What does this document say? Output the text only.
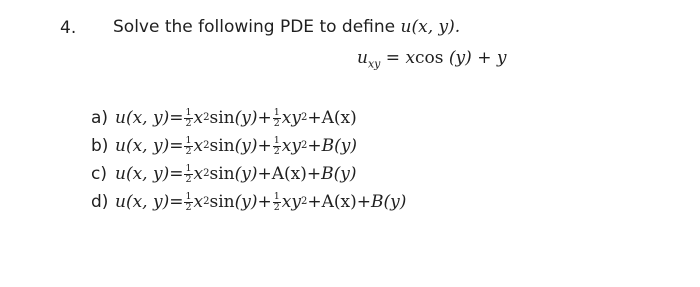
4. Solve the following PDE to define u(x, y).
$u_{xy} = xcos$ (y) + y
a) u(x, $y) = \frac{1}{2}$ x 2 $\sin (y) + \frac{1}{2}$ xy 2 + A(x)
b) u(x, $y) = \frac{1}{2}$ x 2 $\sin (y) + \frac{1}{2}$ xy 2 + B(y)
c) u(x, $y) = \frac{1}{2}$ x 2 sin (y) + A(x) + B(y)
d) u(x, $y) = \frac{1}{2}$ x 2 $\sin (y) + \frac{1}{2}$ xy 2 + A(x) + B(y)
